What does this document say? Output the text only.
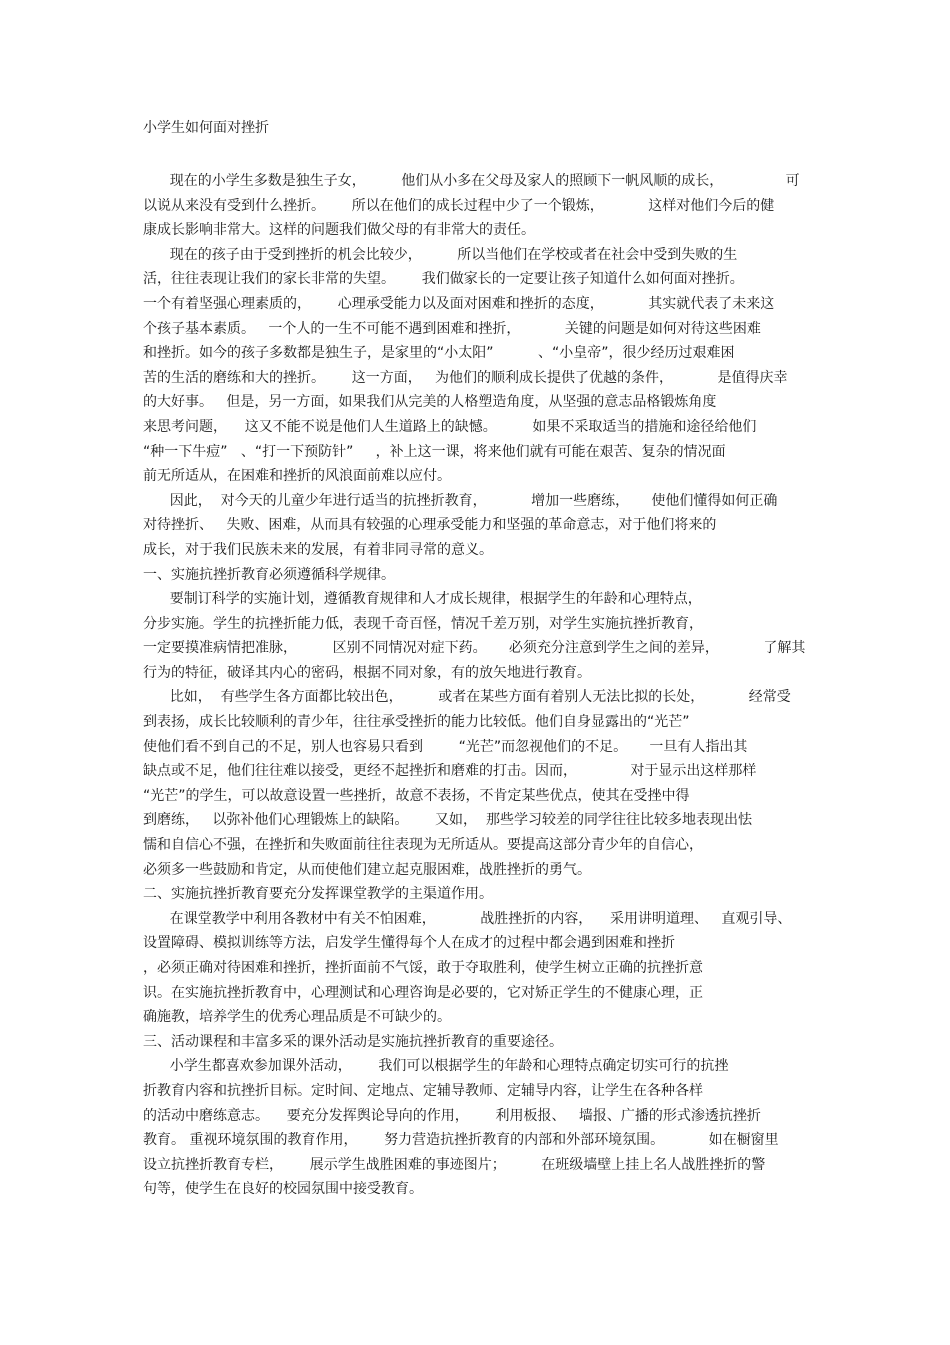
小学生如何面对挫折
现在的小学生多数是独生子女，        他们从小多在父母及家人的照顾下一帆风顺的成长，              可
以说从来没有受到什么挫折。      所以在他们的成长过程中少了一个锻炼，          这样对他们今后的健
康成长影响非常大。这样的问题我们做父母的有非常大的责任。
现在的孩子由于受到挫折的机会比较少，        所以当他们在学校或者在社会中受到失败的生
活，往往表现让我们的家长非常的失望。      我们做家长的一定要让孩子知道什么如何面对挫折。
一个有着坚强心理素质的，      心理承受能力以及面对困难和挫折的态度，          其实就代表了未来这
个孩子基本素质。   一个人的一生不可能不遇到困难和挫折，          关键的问题是如何对待这些困难
和挫折。如今的孩子多数都是独生子，是家里的“小太阳”          、“小皇帝”，很少经历过艰难困
苦的生活的磨练和大的挫折。      这一方面，   为他们的顺利成长提供了优越的条件，          是值得庆幸
的大好事。   但是，另一方面，如果我们从完美的人格塑造角度，从坚强的意志品格锻炼角度
来思考问题，    这又不能不说是他们人生道路上的缺憾。        如果不采取适当的措施和途径给他们
“种一下牛痘”   、“打一下预防针”     ，补上这一课，将来他们就有可能在艰苦、复杂的情况面
前无所适从，在困难和挫折的风浪面前难以应付。
因此，  对今天的儿童少年进行适当的抗挫折教育，          增加一些磨练，     使他们懂得如何正确
对待挫折、   失败、困难，从而具有较强的心理承受能力和坚强的革命意志，对于他们将来的
成长，对于我们民族未来的发展，有着非同寻常的意义。
一、实施抗挫折教育必须遵循科学规律。
要制订科学的实施计划，遵循教育规律和人才成长规律，根据学生的年龄和心理特点，
分步实施。学生的抗挫折能力低，表现千奇百怪，情况千差万别，对学生实施抗挫折教育，
一定要摸准病情把准脉，        区别不同情况对症下药。     必须充分注意到学生之间的差异，          了解其
行为的特征，破译其内心的密码，根据不同对象，有的放矢地进行教育。
比如，  有些学生各方面都比较出色，        或者在某些方面有着别人无法比拟的长处，          经常受
到表扬，成长比较顺利的青少年，往往承受挫折的能力比较低。他们自身显露出的“光芒”
使他们看不到自己的不足，别人也容易只看到        “光芒”而忽视他们的不足。     一旦有人指出其
缺点或不足，他们往往难以接受，更经不起挫折和磨难的打击。因而，            对于显示出这样那样
“光芒”的学生，可以故意设置一些挫折，故意不表扬，不肯定某些优点，使其在受挫中得
到磨练，   以弥补他们心理锻炼上的缺陷。      又如，  那些学习较差的同学往往比较多地表现出怯
懦和自信心不强，在挫折和失败面前往往表现为无所适从。要提高这部分青少年的自信心，
必须多一些鼓励和肯定，从而使他们建立起克服困难，战胜挫折的勇气。
二、实施抗挫折教育要充分发挥课堂教学的主渠道作用。
在课堂教学中利用各教材中有关不怕困难，          战胜挫折的内容，    采用讲明道理、   直观引导、
设置障碍、模拟训练等方法，启发学生懂得每个人在成才的过程中都会遇到困难和挫折
，必须正确对待困难和挫折，挫折面前不气馁，敢于夺取胜利，使学生树立正确的抗挫折意
识。在实施抗挫折教育中，心理测试和心理咨询是必要的，它对矫正学生的不健康心理，正
确施教，培养学生的优秀心理品质是不可缺少的。
三、活动课程和丰富多采的课外活动是实施抗挫折教育的重要途径。
小学生都喜欢参加课外活动，      我们可以根据学生的年龄和心理特点确定切实可行的抗挫
折教育内容和抗挫折目标。定时间、定地点、定辅导教师、定辅导内容，让学生在各种各样
的活动中磨练意志。    要充分发挥舆论导向的作用，      利用板报、   墙报、广播的形式渗透抗挫折
教育。 重视环境氛围的教育作用，      努力营造抗挫折教育的内部和外部环境氛围。          如在橱窗里
设立抗挫折教育专栏，      展示学生战胜困难的事迹图片；        在班级墙壁上挂上名人战胜挫折的警
句等，使学生在良好的校园氛围中接受教育。
